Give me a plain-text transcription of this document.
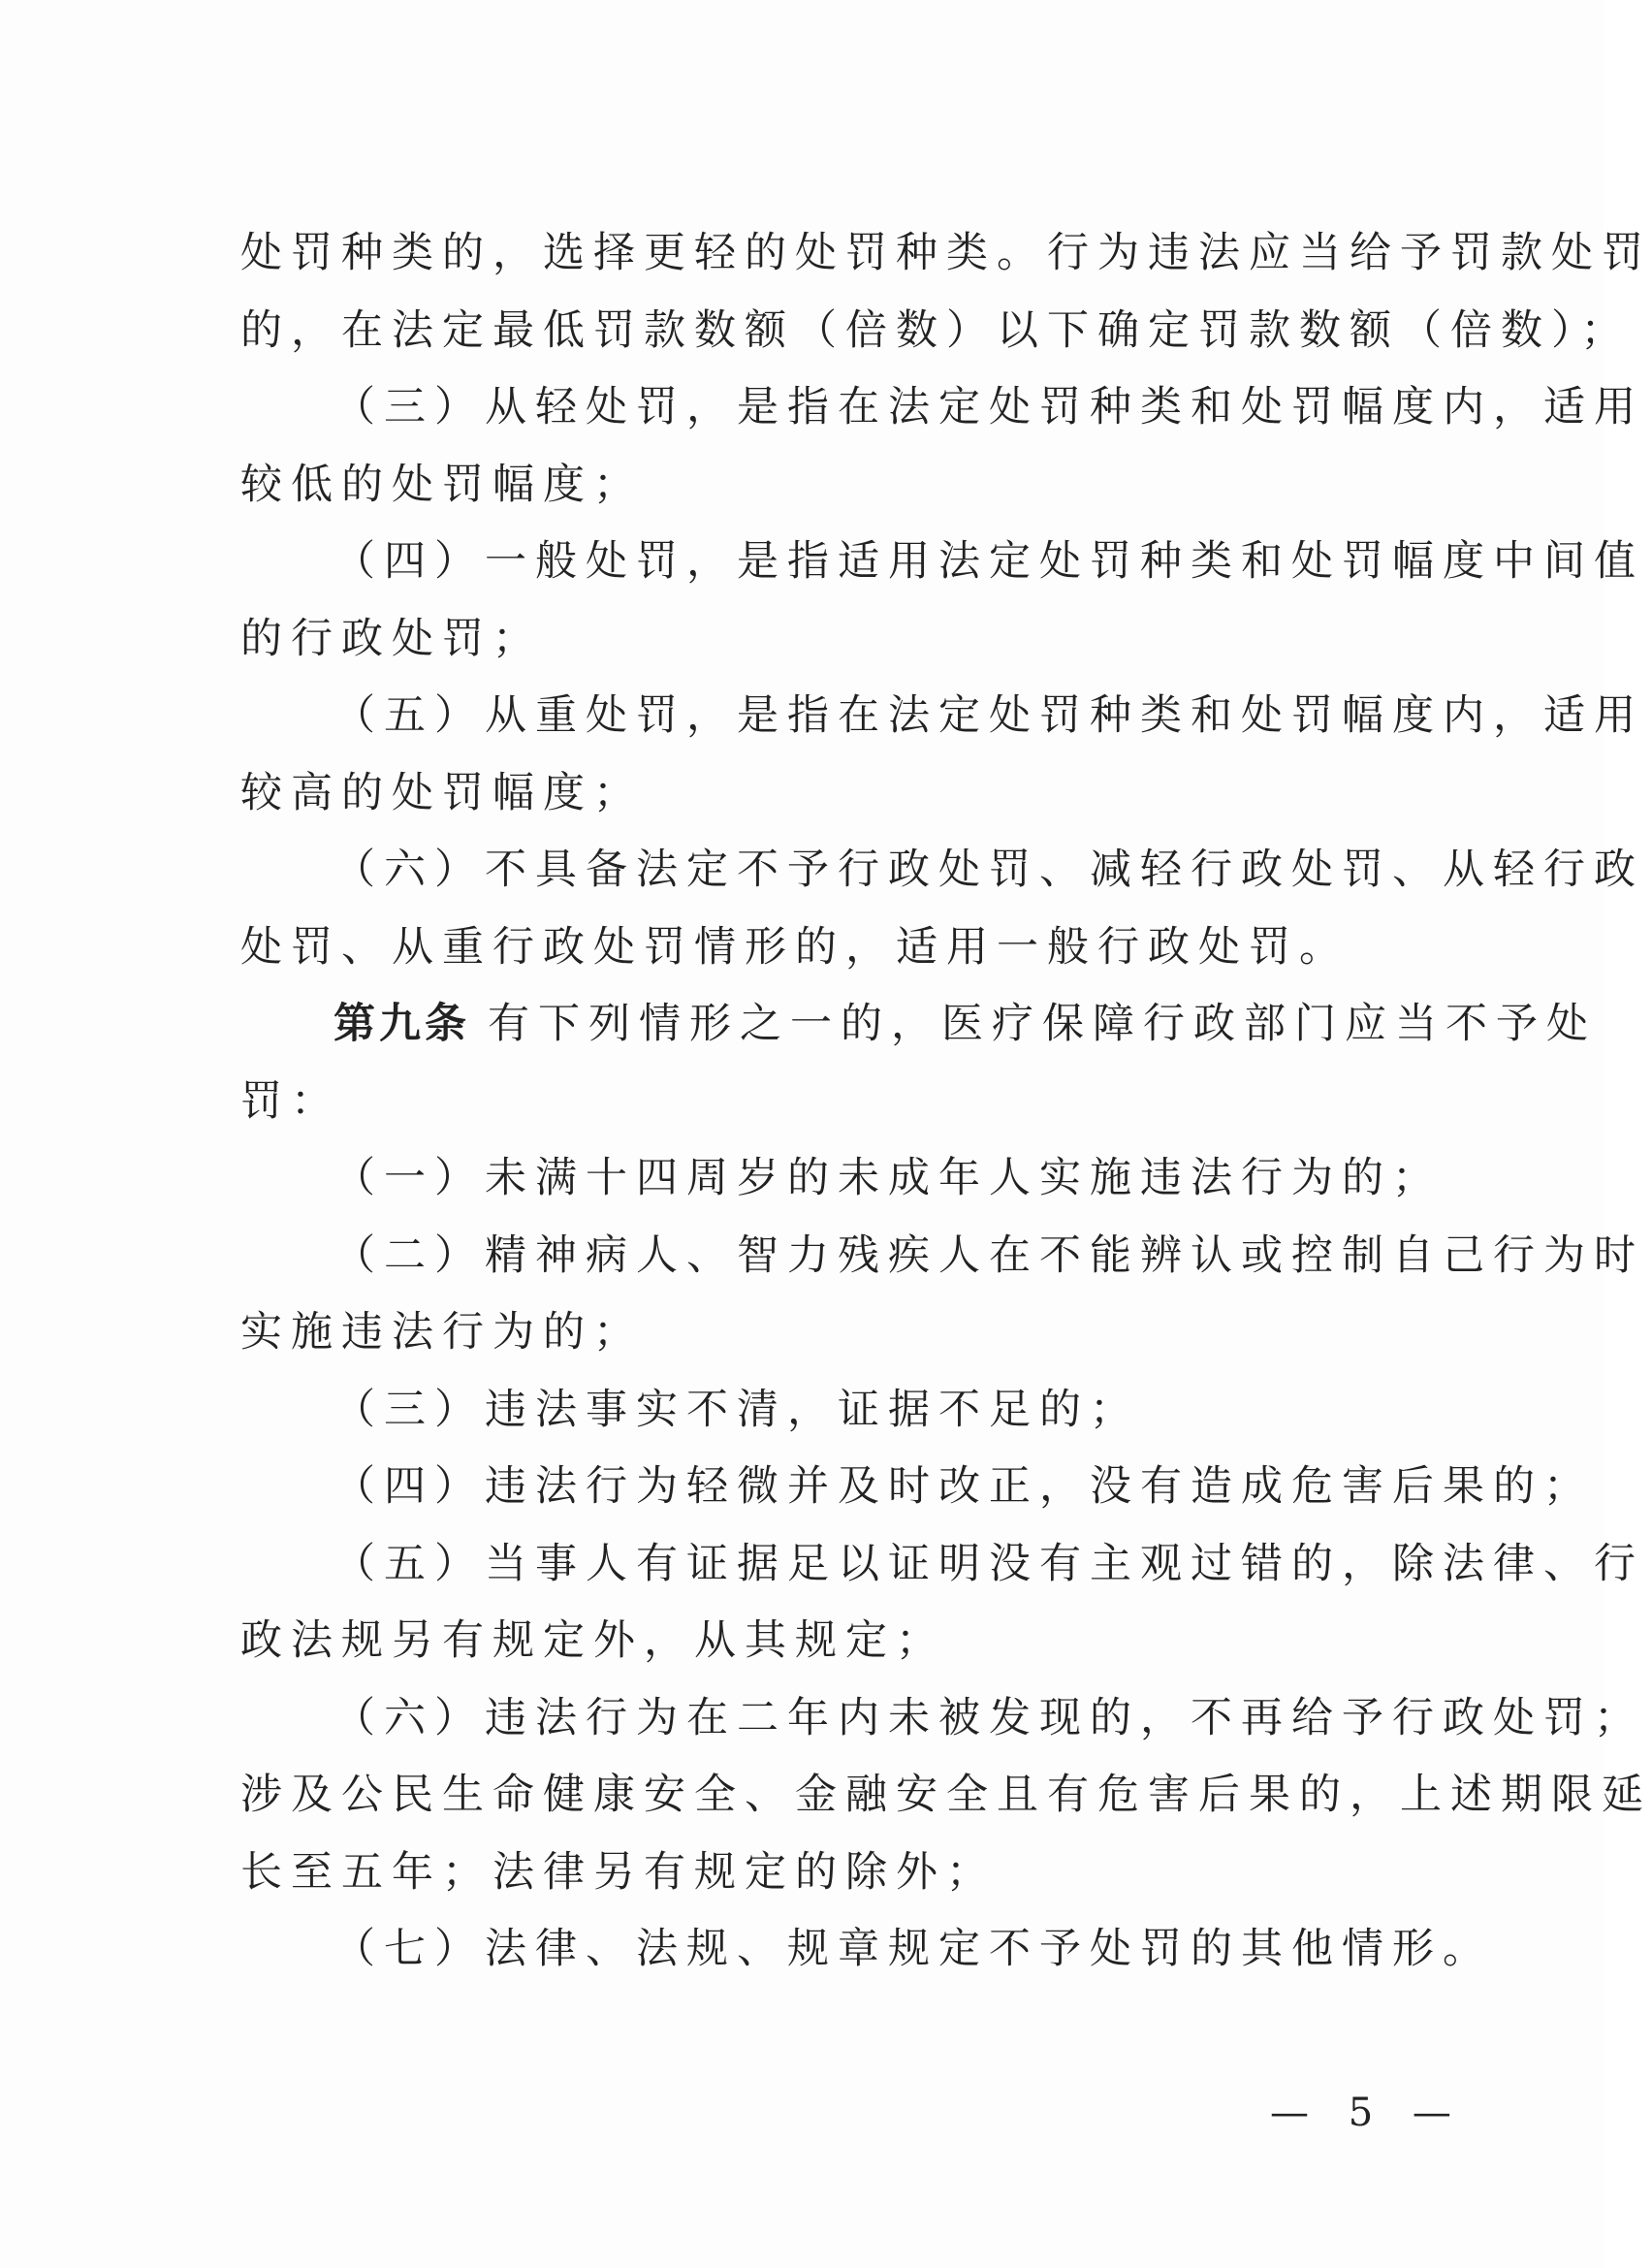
处罚种类的，选择更轻的处罚种类。行为违法应当给予罚款处罚
的，在法定最低罚款数额（倍数）以下确定罚款数额（倍数）；
（三）从轻处罚，是指在法定处罚种类和处罚幅度内，适用
较低的处罚幅度；
（四）一般处罚，是指适用法定处罚种类和处罚幅度中间值
的行政处罚；
（五）从重处罚，是指在法定处罚种类和处罚幅度内，适用
较高的处罚幅度；
（六）不具备法定不予行政处罚、减轻行政处罚、从轻行政
处罚、从重行政处罚情形的，适用一般行政处罚。
第九条 有下列情形之一的，医疗保障行政部门应当不予处
罚：
（一）未满十四周岁的未成年人实施违法行为的；
（二）精神病人、智力残疾人在不能辨认或控制自己行为时
实施违法行为的；
（三）违法事实不清，证据不足的；
（四）违法行为轻微并及时改正，没有造成危害后果的；
（五）当事人有证据足以证明没有主观过错的，除法律、行
政法规另有规定外，从其规定；
（六）违法行为在二年内未被发现的，不再给予行政处罚；
涉及公民生命健康安全、金融安全且有危害后果的，上述期限延
长至五年；法律另有规定的除外；
（七）法律、法规、规章规定不予处罚的其他情形。
— 5 —
